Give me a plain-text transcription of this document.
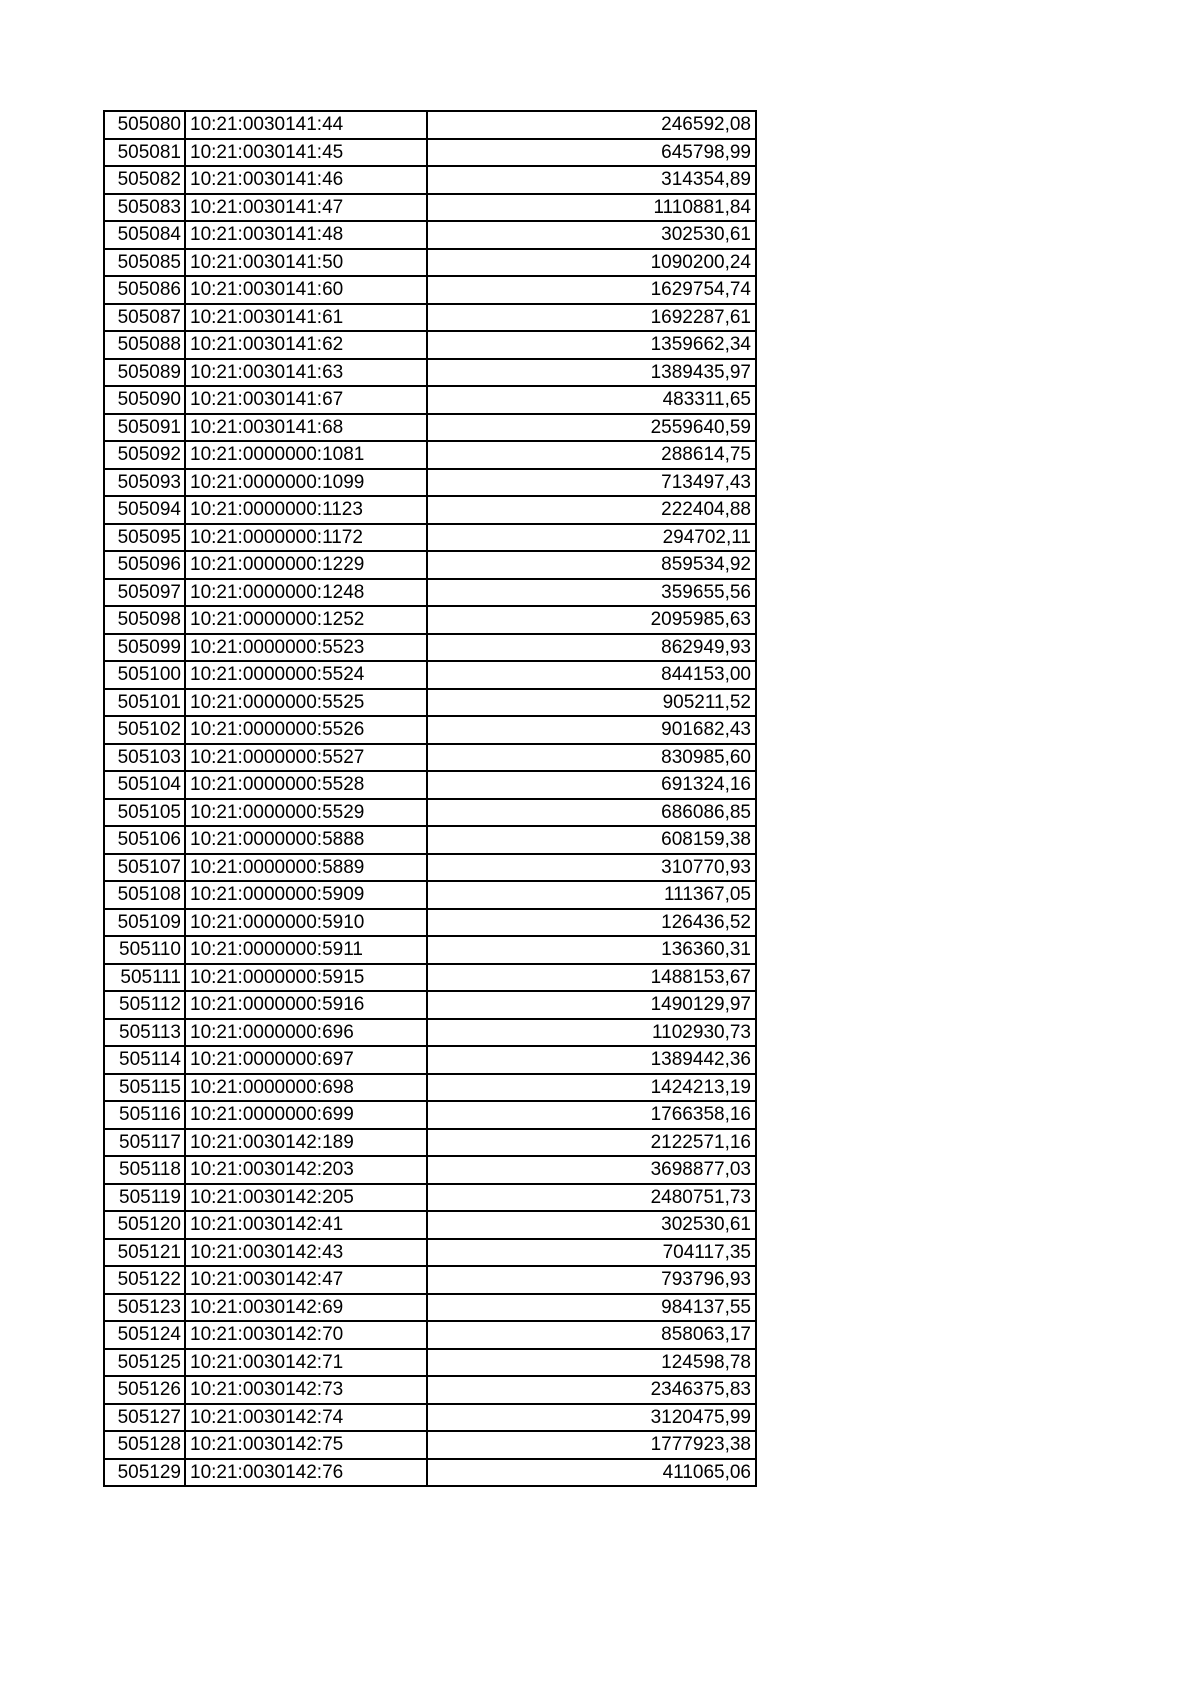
505080	10:21:0030141:44	246592,08
505081	10:21:0030141:45	645798,99
505082	10:21:0030141:46	314354,89
505083	10:21:0030141:47	1110881,84
505084	10:21:0030141:48	302530,61
505085	10:21:0030141:50	1090200,24
505086	10:21:0030141:60	1629754,74
505087	10:21:0030141:61	1692287,61
505088	10:21:0030141:62	1359662,34
505089	10:21:0030141:63	1389435,97
505090	10:21:0030141:67	483311,65
505091	10:21:0030141:68	2559640,59
505092	10:21:0000000:1081	288614,75
505093	10:21:0000000:1099	713497,43
505094	10:21:0000000:1123	222404,88
505095	10:21:0000000:1172	294702,11
505096	10:21:0000000:1229	859534,92
505097	10:21:0000000:1248	359655,56
505098	10:21:0000000:1252	2095985,63
505099	10:21:0000000:5523	862949,93
505100	10:21:0000000:5524	844153,00
505101	10:21:0000000:5525	905211,52
505102	10:21:0000000:5526	901682,43
505103	10:21:0000000:5527	830985,60
505104	10:21:0000000:5528	691324,16
505105	10:21:0000000:5529	686086,85
505106	10:21:0000000:5888	608159,38
505107	10:21:0000000:5889	310770,93
505108	10:21:0000000:5909	111367,05
505109	10:21:0000000:5910	126436,52
505110	10:21:0000000:5911	136360,31
505111	10:21:0000000:5915	1488153,67
505112	10:21:0000000:5916	1490129,97
505113	10:21:0000000:696	1102930,73
505114	10:21:0000000:697	1389442,36
505115	10:21:0000000:698	1424213,19
505116	10:21:0000000:699	1766358,16
505117	10:21:0030142:189	2122571,16
505118	10:21:0030142:203	3698877,03
505119	10:21:0030142:205	2480751,73
505120	10:21:0030142:41	302530,61
505121	10:21:0030142:43	704117,35
505122	10:21:0030142:47	793796,93
505123	10:21:0030142:69	984137,55
505124	10:21:0030142:70	858063,17
505125	10:21:0030142:71	124598,78
505126	10:21:0030142:73	2346375,83
505127	10:21:0030142:74	3120475,99
505128	10:21:0030142:75	1777923,38
505129	10:21:0030142:76	411065,06
